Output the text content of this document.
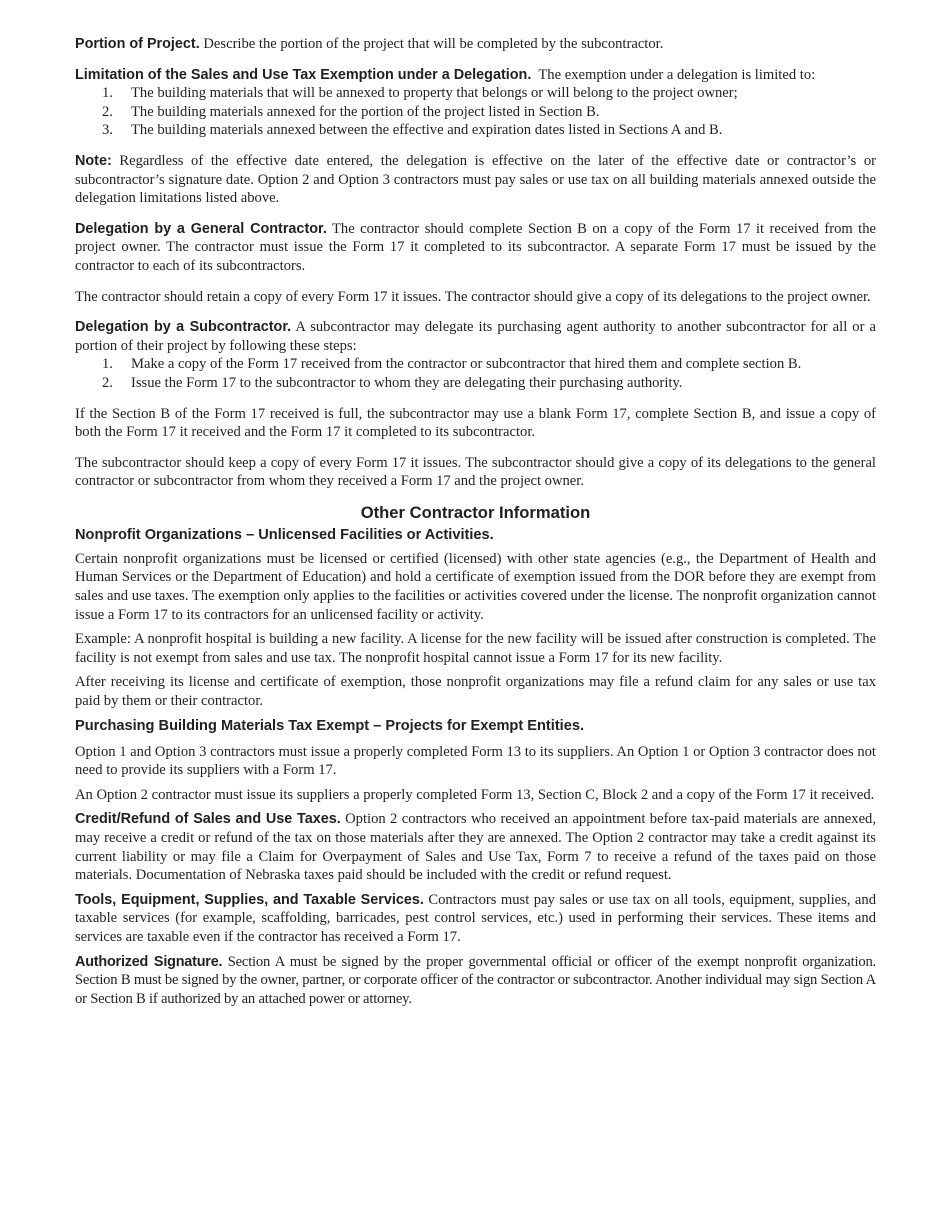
Portion of Project. Describe the portion of the project that will be completed by the subcontractor.

Limitation of the Sales and Use Tax Exemption under a Delegation. The exemption under a delegation is limited to:

1. The building materials that will be annexed to property that belongs or will belong to the project owner;
2. The building materials annexed for the portion of the project listed in Section B.
3. The building materials annexed between the effective and expiration dates listed in Sections A and B.

Note: Regardless of the effective date entered, the delegation is effective on the later of the effective date or contractor’s or subcontractor’s signature date. Option 2 and Option 3 contractors must pay sales or use tax on all building materials annexed outside the delegation limitations listed above.

Delegation by a General Contractor. The contractor should complete Section B on a copy of the Form 17 it received from the project owner. The contractor must issue the Form 17 it completed to its subcontractor. A separate Form 17 must be issued by the contractor to each of its subcontractors.

The contractor should retain a copy of every Form 17 it issues. The contractor should give a copy of its delegations to the project owner.

Delegation by a Subcontractor. A subcontractor may delegate its purchasing agent authority to another subcontractor for all or a portion of their project by following these steps:

1. Make a copy of the Form 17 received from the contractor or subcontractor that hired them and complete section B.
2. Issue the Form 17 to the subcontractor to whom they are delegating their purchasing authority.

If the Section B of the Form 17 received is full, the subcontractor may use a blank Form 17, complete Section B, and issue a copy of both the Form 17 it received and the Form 17 it completed to its subcontractor.

The subcontractor should keep a copy of every Form 17 it issues. The subcontractor should give a copy of its delegations to the general contractor or subcontractor from whom they received a Form 17 and the project owner.

Other Contractor Information
Nonprofit Organizations – Unlicensed Facilities or Activities.

Certain nonprofit organizations must be licensed or certified (licensed) with other state agencies (e.g., the Department of Health and Human Services or the Department of Education) and hold a certificate of exemption issued from the DOR before they are exempt from sales and use taxes. The exemption only applies to the facilities or activities covered under the license. The nonprofit organization cannot issue a Form 17 to its contractors for an unlicensed facility or activity.

Example: A nonprofit hospital is building a new facility. A license for the new facility will be issued after construction is completed. The facility is not exempt from sales and use tax. The nonprofit hospital cannot issue a Form 17 for its new facility.

After receiving its license and certificate of exemption, those nonprofit organizations may file a refund claim for any sales or use tax paid by them or their contractor.

Purchasing Building Materials Tax Exempt – Projects for Exempt Entities.

Option 1 and Option 3 contractors must issue a properly completed Form 13 to its suppliers. An Option 1 or Option 3 contractor does not need to provide its suppliers with a Form 17.

An Option 2 contractor must issue its suppliers a properly completed Form 13, Section C, Block 2 and a copy of the Form 17 it received.

Credit/Refund of Sales and Use Taxes. Option 2 contractors who received an appointment before tax-paid materials are annexed, may receive a credit or refund of the tax on those materials after they are annexed. The Option 2 contractor may take a credit against its current liability or may file a Claim for Overpayment of Sales and Use Tax, Form 7 to receive a refund of the taxes paid on those materials. Documentation of Nebraska taxes paid should be included with the credit or refund request.

Tools, Equipment, Supplies, and Taxable Services. Contractors must pay sales or use tax on all tools, equipment, supplies, and taxable services (for example, scaffolding, barricades, pest control services, etc.) used in performing their services. These items and services are taxable even if the contractor has received a Form 17.

Authorized Signature. Section A must be signed by the proper governmental official or officer of the exempt nonprofit organization. Section B must be signed by the owner, partner, or corporate officer of the contractor or subcontractor. Another individual may sign Section A or Section B if authorized by an attached power or attorney.
